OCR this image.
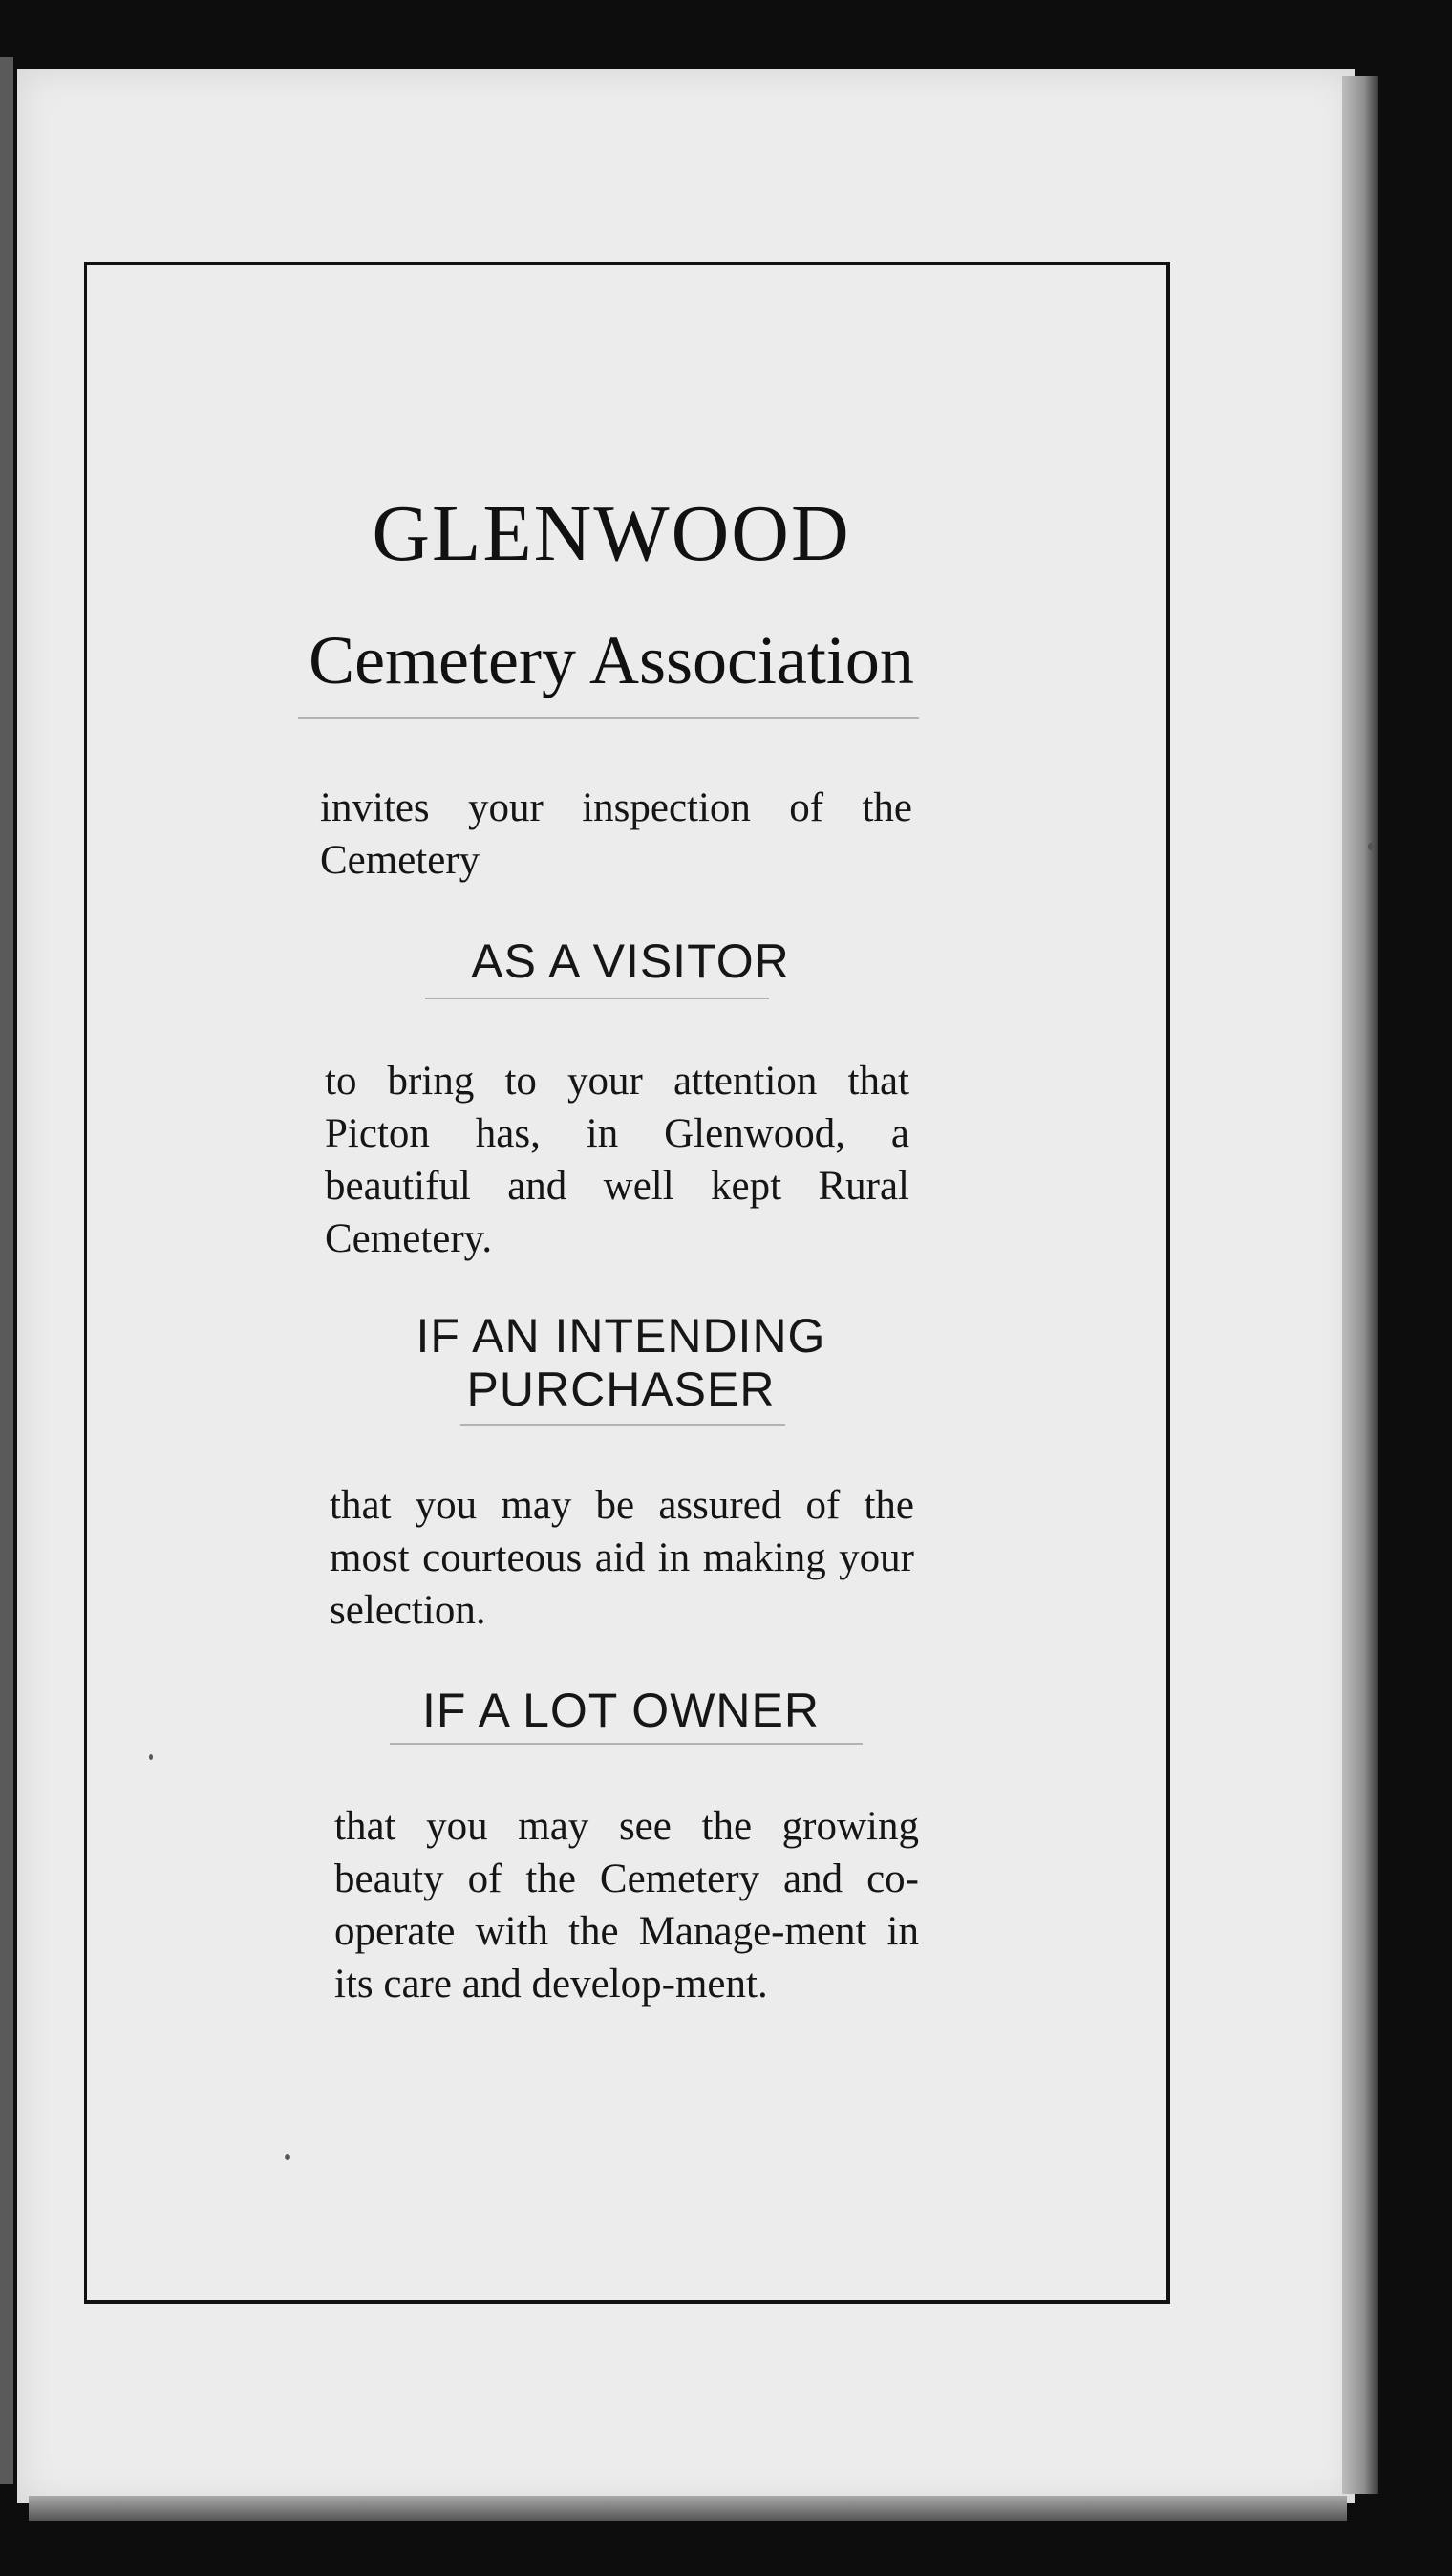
GLENWOOD
Cemetery Association

invites your inspection of the Cemetery

AS A VISITOR

to bring to your attention that Picton has, in Glenwood, a beautiful and well kept Rural Cemetery.

IF AN INTENDING PURCHASER

that you may be assured of the most courteous aid in making your selection.

IF A LOT OWNER

that you may see the growing beauty of the Cemetery and co-operate with the Manage-ment in its care and develop-ment.
